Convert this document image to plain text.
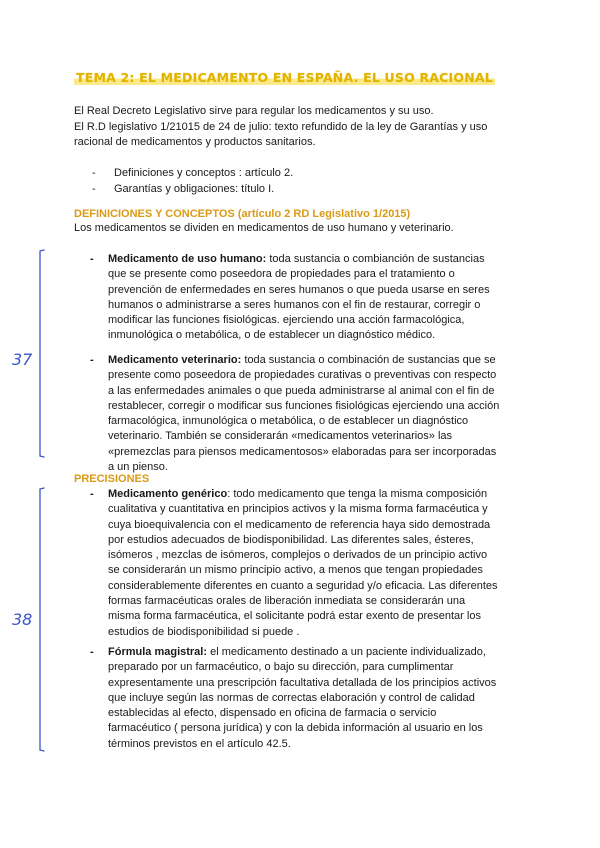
TEMA 2: EL MEDICAMENTO EN ESPAÑA. EL USO RACIONAL

El Real Decreto Legislativo sirve para regular los medicamentos y su uso.

El R.D legislativo 1/21015 de 24 de julio: texto refundido de la ley de Garantías y uso racional de medicamentos y productos sanitarios.

-	Definiciones y conceptos : artículo 2.
-	Garantías y obligaciones: título I.
DEFINICIONES Y CONCEPTOS (artículo 2 RD Legislativo 1/2015)
Los medicamentos se dividen en medicamentos de uso humano y veterinario.
-	Medicamento de uso humano: toda sustancia o combianción de sustancias que se presente como poseedora de propiedades para el tratamiento o prevención de enfermedades en seres humanos o que pueda usarse en seres humanos o administrarse a seres humanos con el fin de restaurar, corregir o modificar las funciones fisiológicas. ejerciendo una acción farmacológica, inmunológica o metabólica, o de establecer un diagnóstico médico.
-	Medicamento veterinario: toda sustancia o combinación de sustancias que se presente como poseedora de propiedades curativas o preventivas con respecto a las enfermedades animales o que pueda administrarse al animal con el fin de restablecer, corregir o modificar sus funciones fisiológicas ejerciendo una acción farmacológica, inmunológica o metabólica, o de establecer un diagnóstico veterinario. También se considerarán «medicamentos veterinarios» las «premezclas para piensos medicamentosos» elaboradas para ser incorporadas a un pienso.
PRECISIONES
-	Medicamento genérico: todo medicamento que tenga la misma composición cualitativa y cuantitativa en principios activos y la misma forma farmacéutica y cuya bioequivalencia con el medicamento de referencia haya sido demostrada por estudios adecuados de biodisponibilidad. Las diferentes sales, ésteres, isómeros , mezclas de isómeros, complejos o derivados de un principio activo se considerarán un mismo principio activo, a menos que tengan propiedades considerablemente diferentes en cuanto a seguridad y/o eficacia. Las diferentes formas farmacéuticas orales de liberación inmediata se considerarán una misma forma farmacéutica, el solicitante podrá estar exento de presentar los estudios de biodisponibilidad si puede .
-	Fórmula magistral: el medicamento destinado a un paciente individualizado, preparado por un farmacéutico, o bajo su dirección, para cumplimentar expresentamente una prescripción facultativa detallada de los principios activos que incluye según las normas de correctas elaboración y control de calidad establecidas al efecto, dispensado en oficina de farmacia o servicio farmacéutico ( persona jurídica) y con la debida información al usuario en los términos previstos en el artículo 42.5.
37
38
